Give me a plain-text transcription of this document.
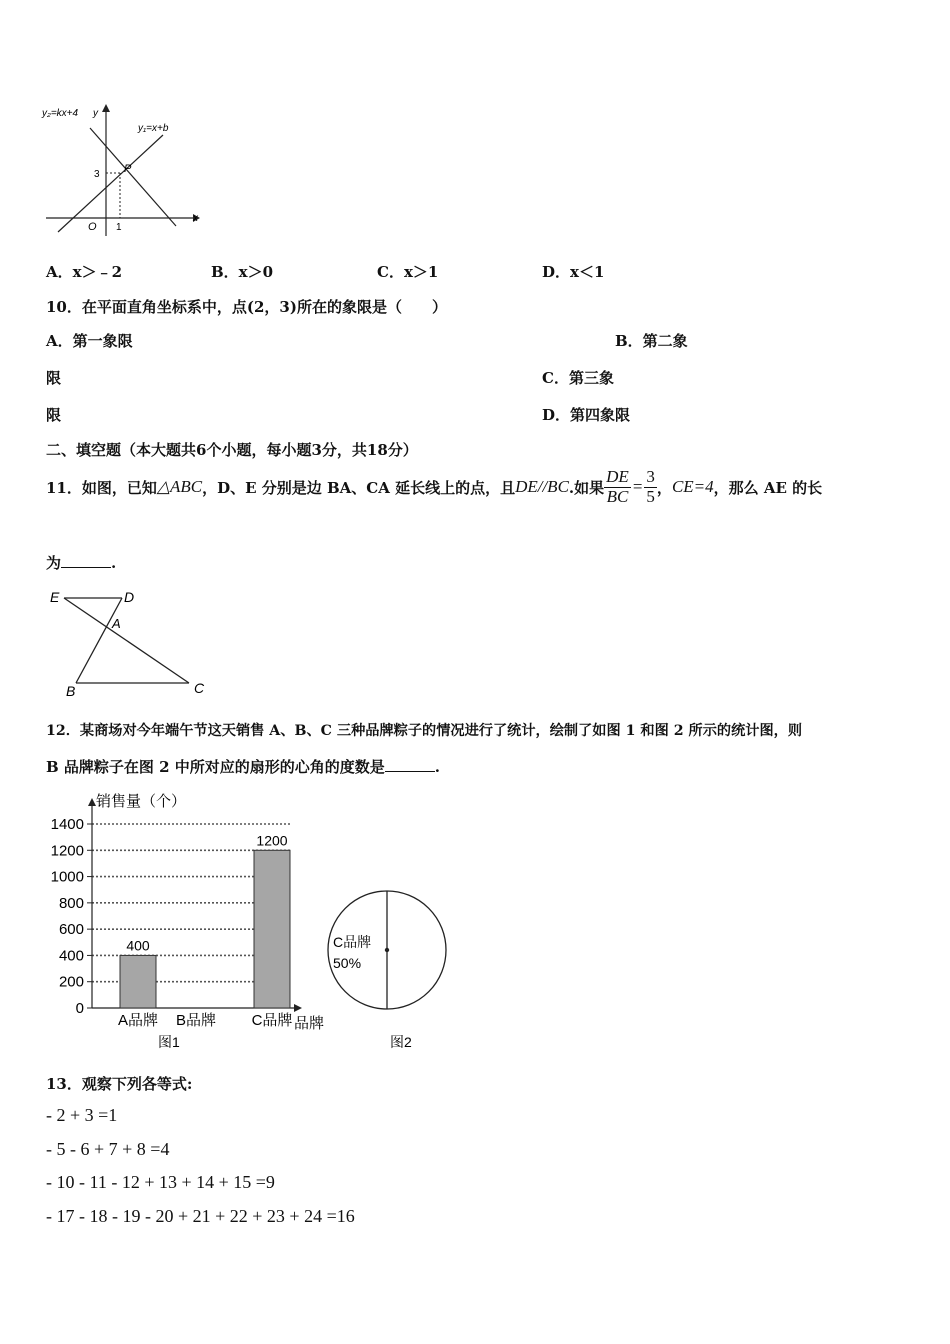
y₂=kx+4 y
y₁=x+b
x
O
P
3
1
A．x＞﹣2	B．x＞0	C．x＞1	D．x＜1
10．在平面直角坐标系中，点(2，3)所在的象限是（　　）
A．第一象限	B．第二象
限	C．第三象
限	D．第四象限
二、填空题（本大题共6个小题，每小题3分，共18分）
11．如图，已知 △ABC ，D、E 分别是边 BA、CA 延长线上的点，且 DE//BC .如果 $\frac{DE}{BC} = \frac{3}{5}$ ， CE=4 ，那么 AE 的长
为	.
E	D
A
B	C
12．某商场对今年端午节这天销售 A、B、C 三种品牌粽子的情况进行了统计，绘制了如图 1 和图 2 所示的统计图，则
B 品牌粽子在图 2 中所对应的扇形的心角的度数是	.
销售量（个）
品牌
图1	图2
0
200
400
600
800
1000
1200
1400
400
A品牌 B品牌
1200
C品牌
C品牌
50%
13．观察下列各等式:
- 2 + 3 =1
- 5 - 6 + 7 + 8 =4
- 10 - 11 - 12 + 13 + 14 + 15 =9
- 17 - 18 - 19 - 20 + 21 + 22 + 23 + 24 =16
